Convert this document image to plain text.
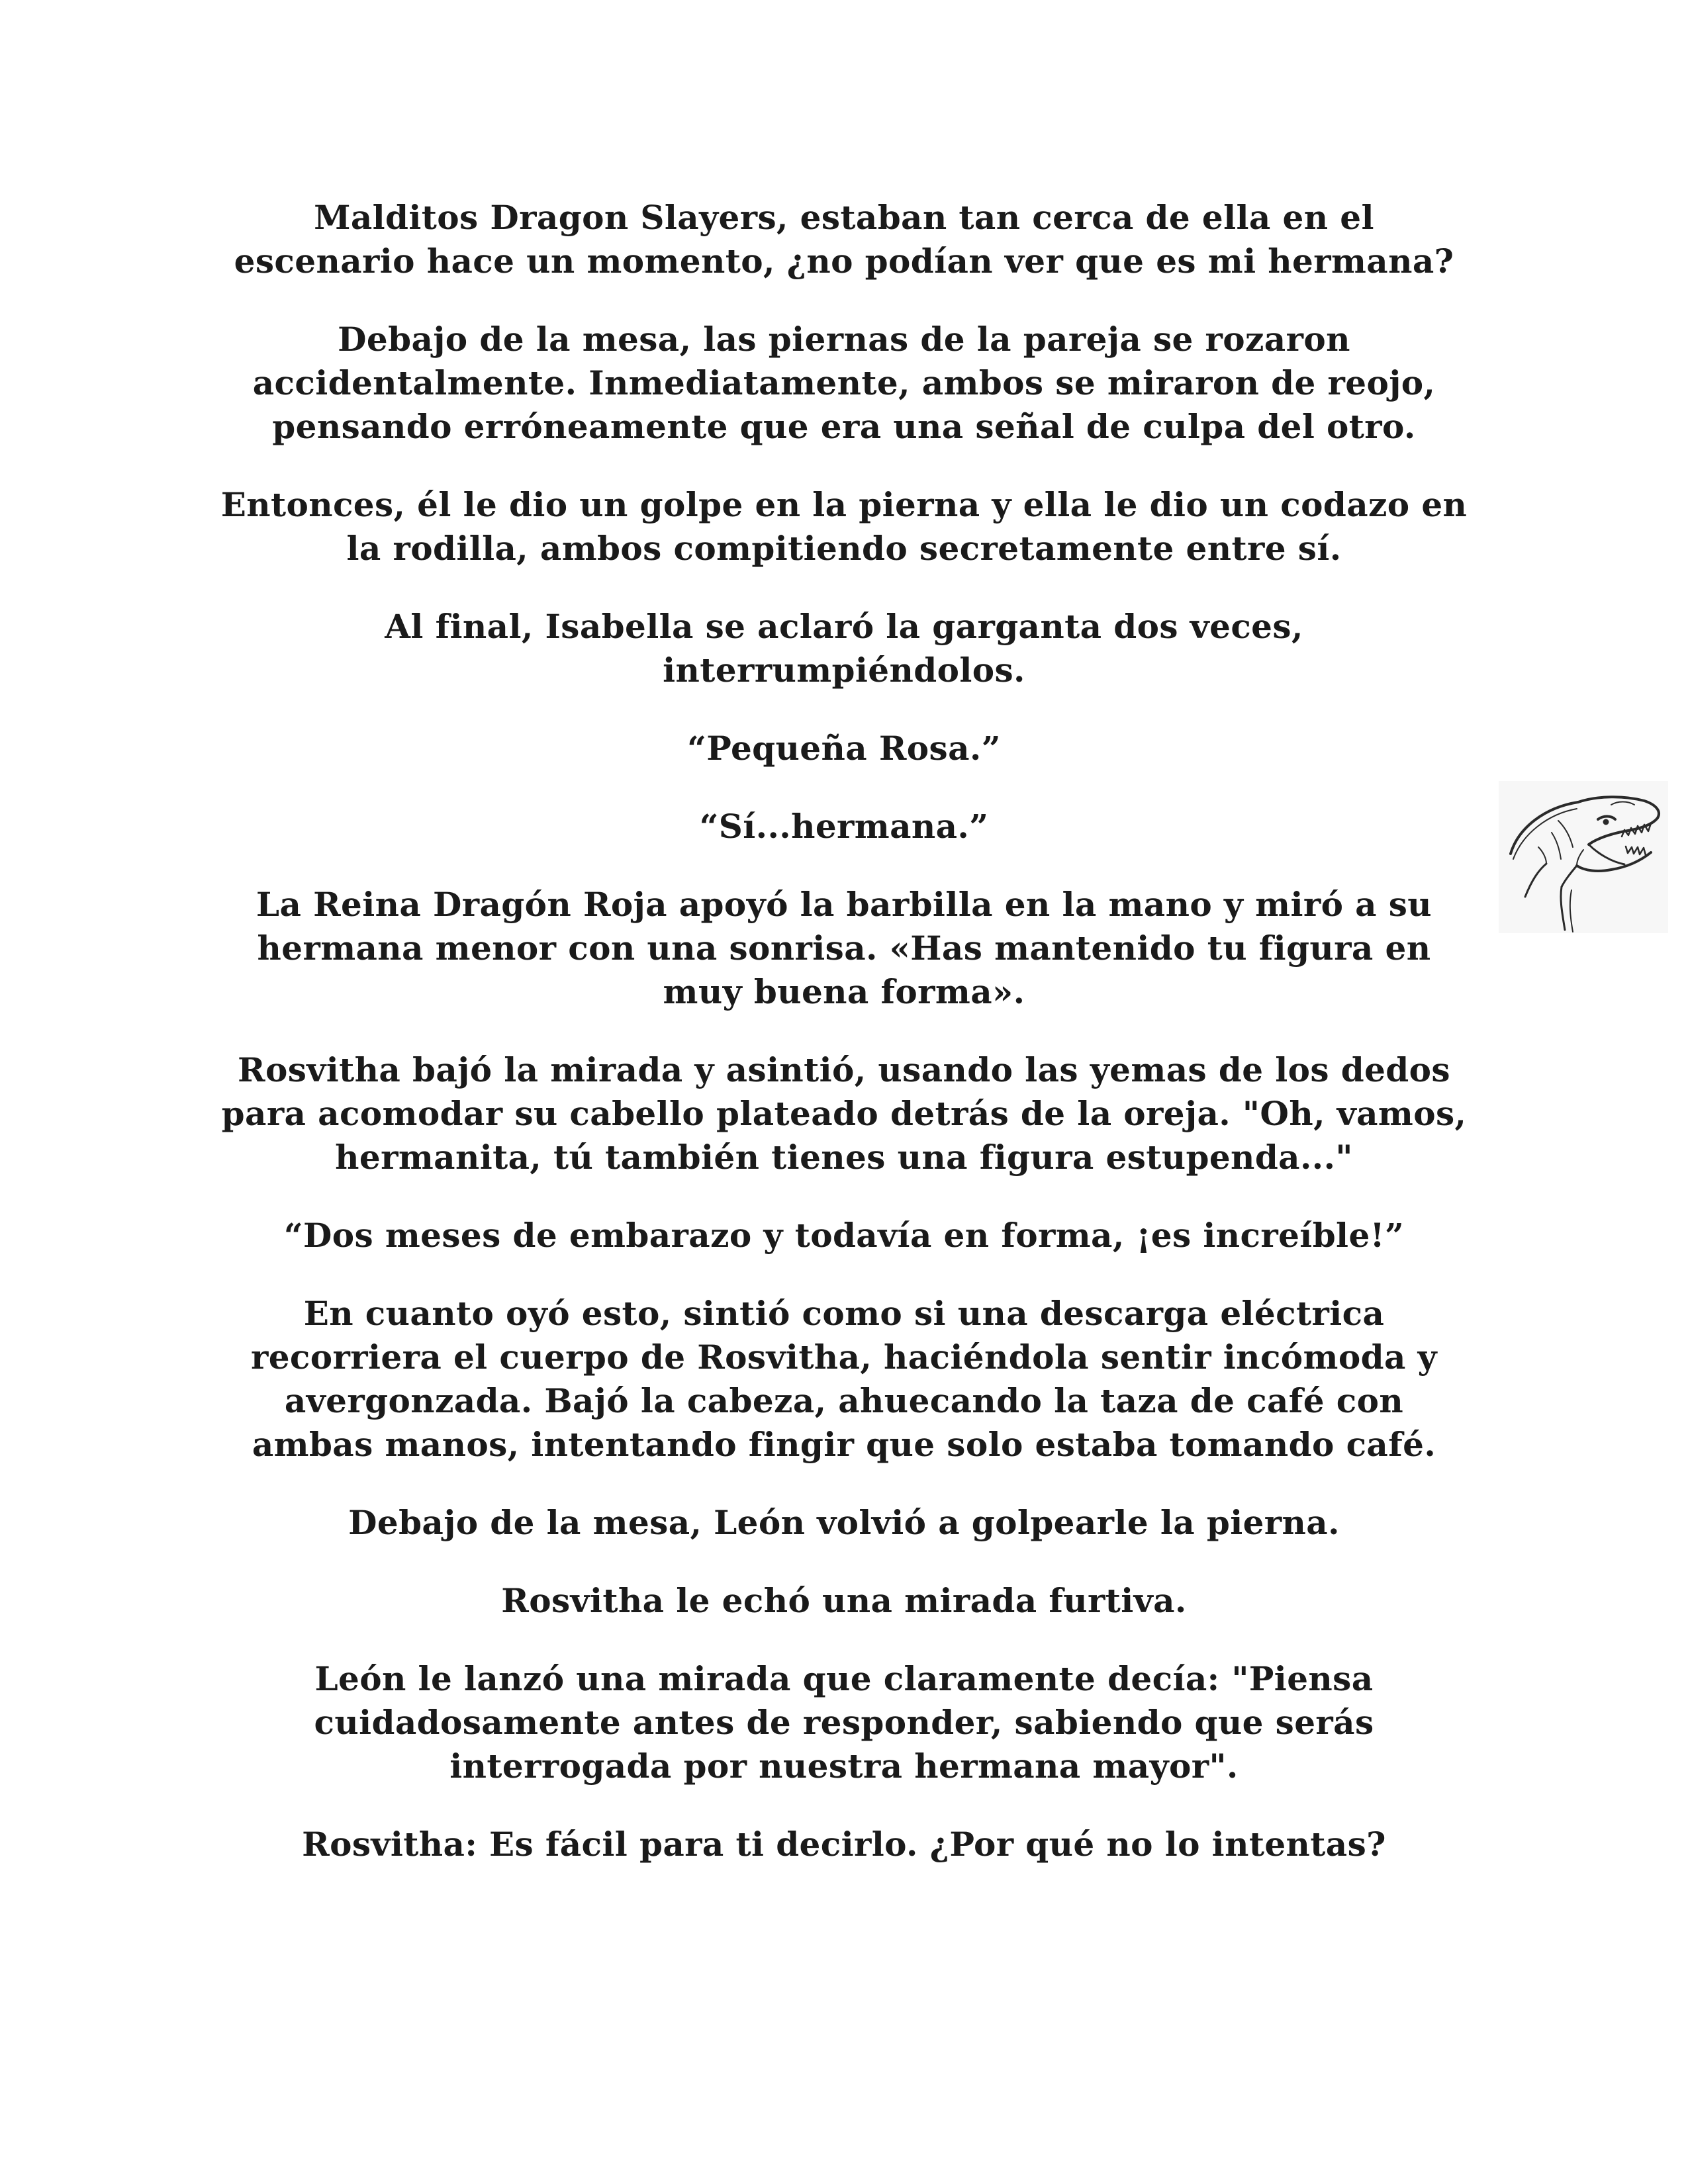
Malditos Dragon Slayers, estaban tan cerca de ella en el escenario hace un momento, ¿no podían ver que es mi hermana?

Debajo de la mesa, las piernas de la pareja se rozaron accidentalmente. Inmediatamente, ambos se miraron de reojo, pensando erróneamente que era una señal de culpa del otro.

Entonces, él le dio un golpe en la pierna y ella le dio un codazo en la rodilla, ambos compitiendo secretamente entre sí.

Al final, Isabella se aclaró la garganta dos veces, interrumpiéndolos.

“Pequeña Rosa.”

“Sí...hermana.”

La Reina Dragón Roja apoyó la barbilla en la mano y miró a su hermana menor con una sonrisa. «Has mantenido tu figura en muy buena forma».

Rosvitha bajó la mirada y asintió, usando las yemas de los dedos para acomodar su cabello plateado detrás de la oreja. "Oh, vamos, hermanita, tú también tienes una figura estupenda..."

“Dos meses de embarazo y todavía en forma, ¡es increíble!”

En cuanto oyó esto, sintió como si una descarga eléctrica recorriera el cuerpo de Rosvitha, haciéndola sentir incómoda y avergonzada. Bajó la cabeza, ahuecando la taza de café con ambas manos, intentando fingir que solo estaba tomando café.

Debajo de la mesa, León volvió a golpearle la pierna.

Rosvitha le echó una mirada furtiva.

León le lanzó una mirada que claramente decía: "Piensa cuidadosamente antes de responder, sabiendo que serás interrogada por nuestra hermana mayor".

Rosvitha: Es fácil para ti decirlo. ¿Por qué no lo intentas?
